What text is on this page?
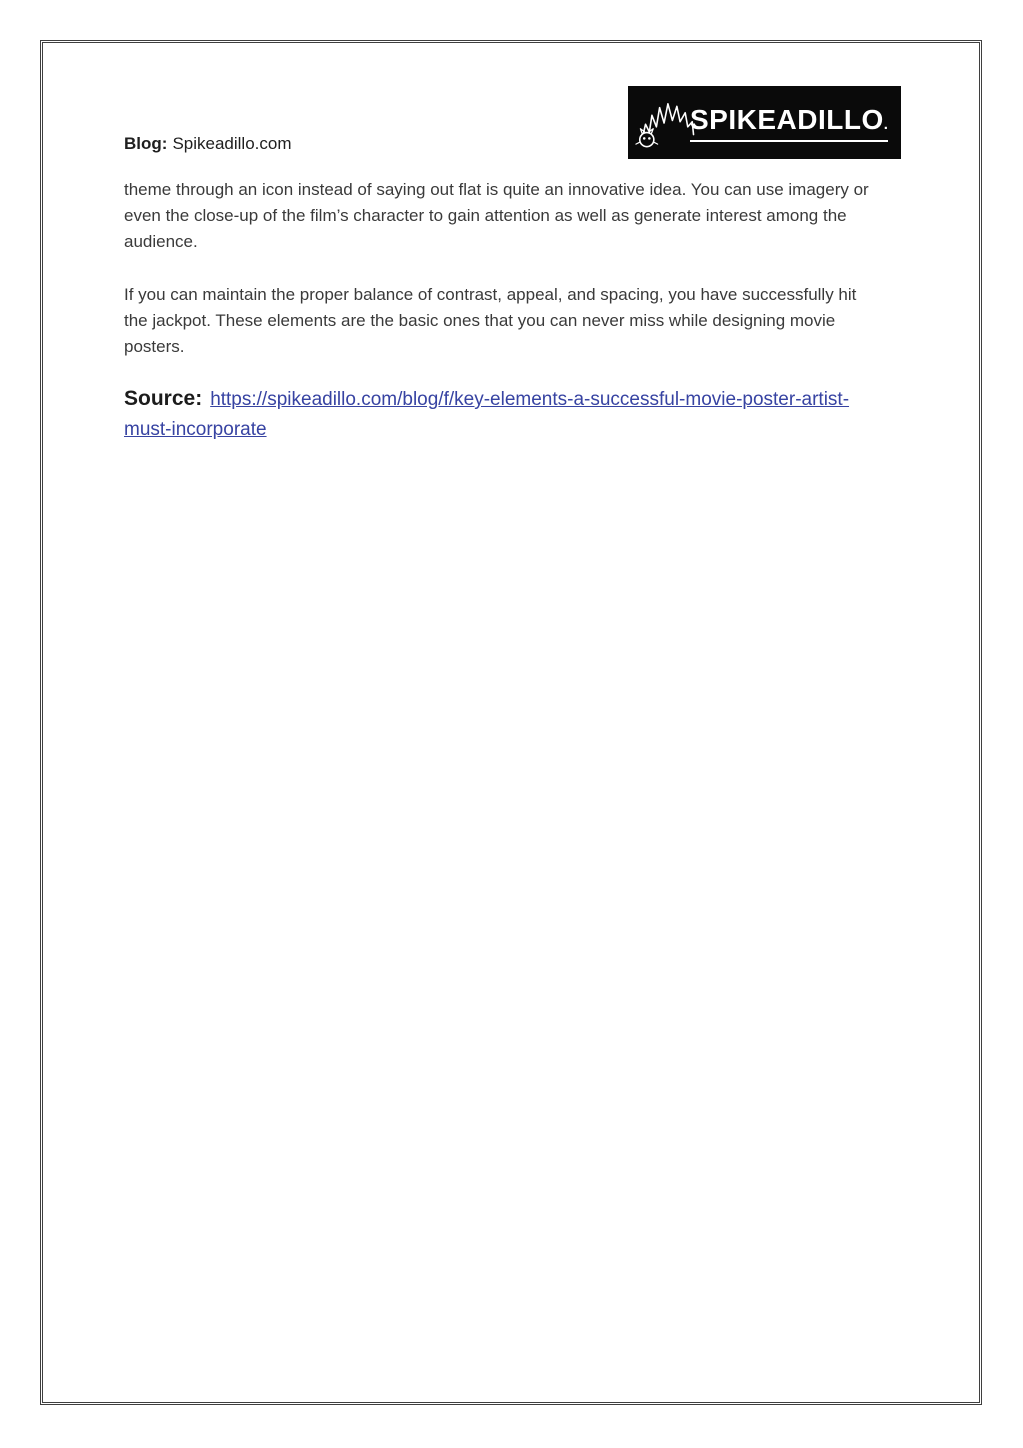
SPIKEADILLO.

Blog: Spikeadillo.com

theme through an icon instead of saying out flat is quite an innovative idea. You can use imagery or even the close-up of the film’s character to gain attention as well as generate interest among the audience.

If you can maintain the proper balance of contrast, appeal, and spacing, you have successfully hit the jackpot. These elements are the basic ones that you can never miss while designing movie posters.

Source: https://spikeadillo.com/blog/f/key-elements-a-successful-movie-poster-artist-must-incorporate
